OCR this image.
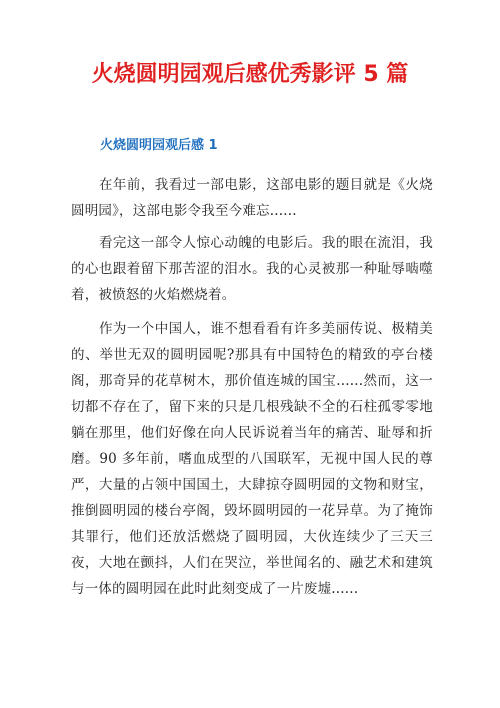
火烧圆明园观后感优秀影评 5 篇
火烧圆明园观后感 1

在年前，我看过一部电影，这部电影的题目就是《火烧圆明园》，这部电影令我至今难忘......

看完这一部令人惊心动魄的电影后。我的眼在流泪，我的心也跟着留下那苦涩的泪水。我的心灵被那一种耻辱啮噬着，被愤怒的火焰燃烧着。

作为一个中国人，谁不想看看有许多美丽传说、极精美的、举世无双的圆明园呢?那具有中国特色的精致的亭台楼阁，那奇异的花草树木，那价值连城的国宝......然而，这一切都不存在了，留下来的只是几根残缺不全的石柱孤零零地躺在那里，他们好像在向人民诉说着当年的痛苦、耻辱和折磨。90 多年前，嗜血成型的八国联军，无视中国人民的尊严，大量的占领中国国土，大肆掠夺圆明园的文物和财宝，推倒圆明园的楼台亭阁，毁坏圆明园的一花异草。为了掩饰其罪行，他们还放活燃烧了圆明园，大伙连续少了三天三夜，大地在颤抖，人们在哭泣，举世闻名的、融艺术和建筑与一体的圆明园在此时此刻变成了一片废墟......
